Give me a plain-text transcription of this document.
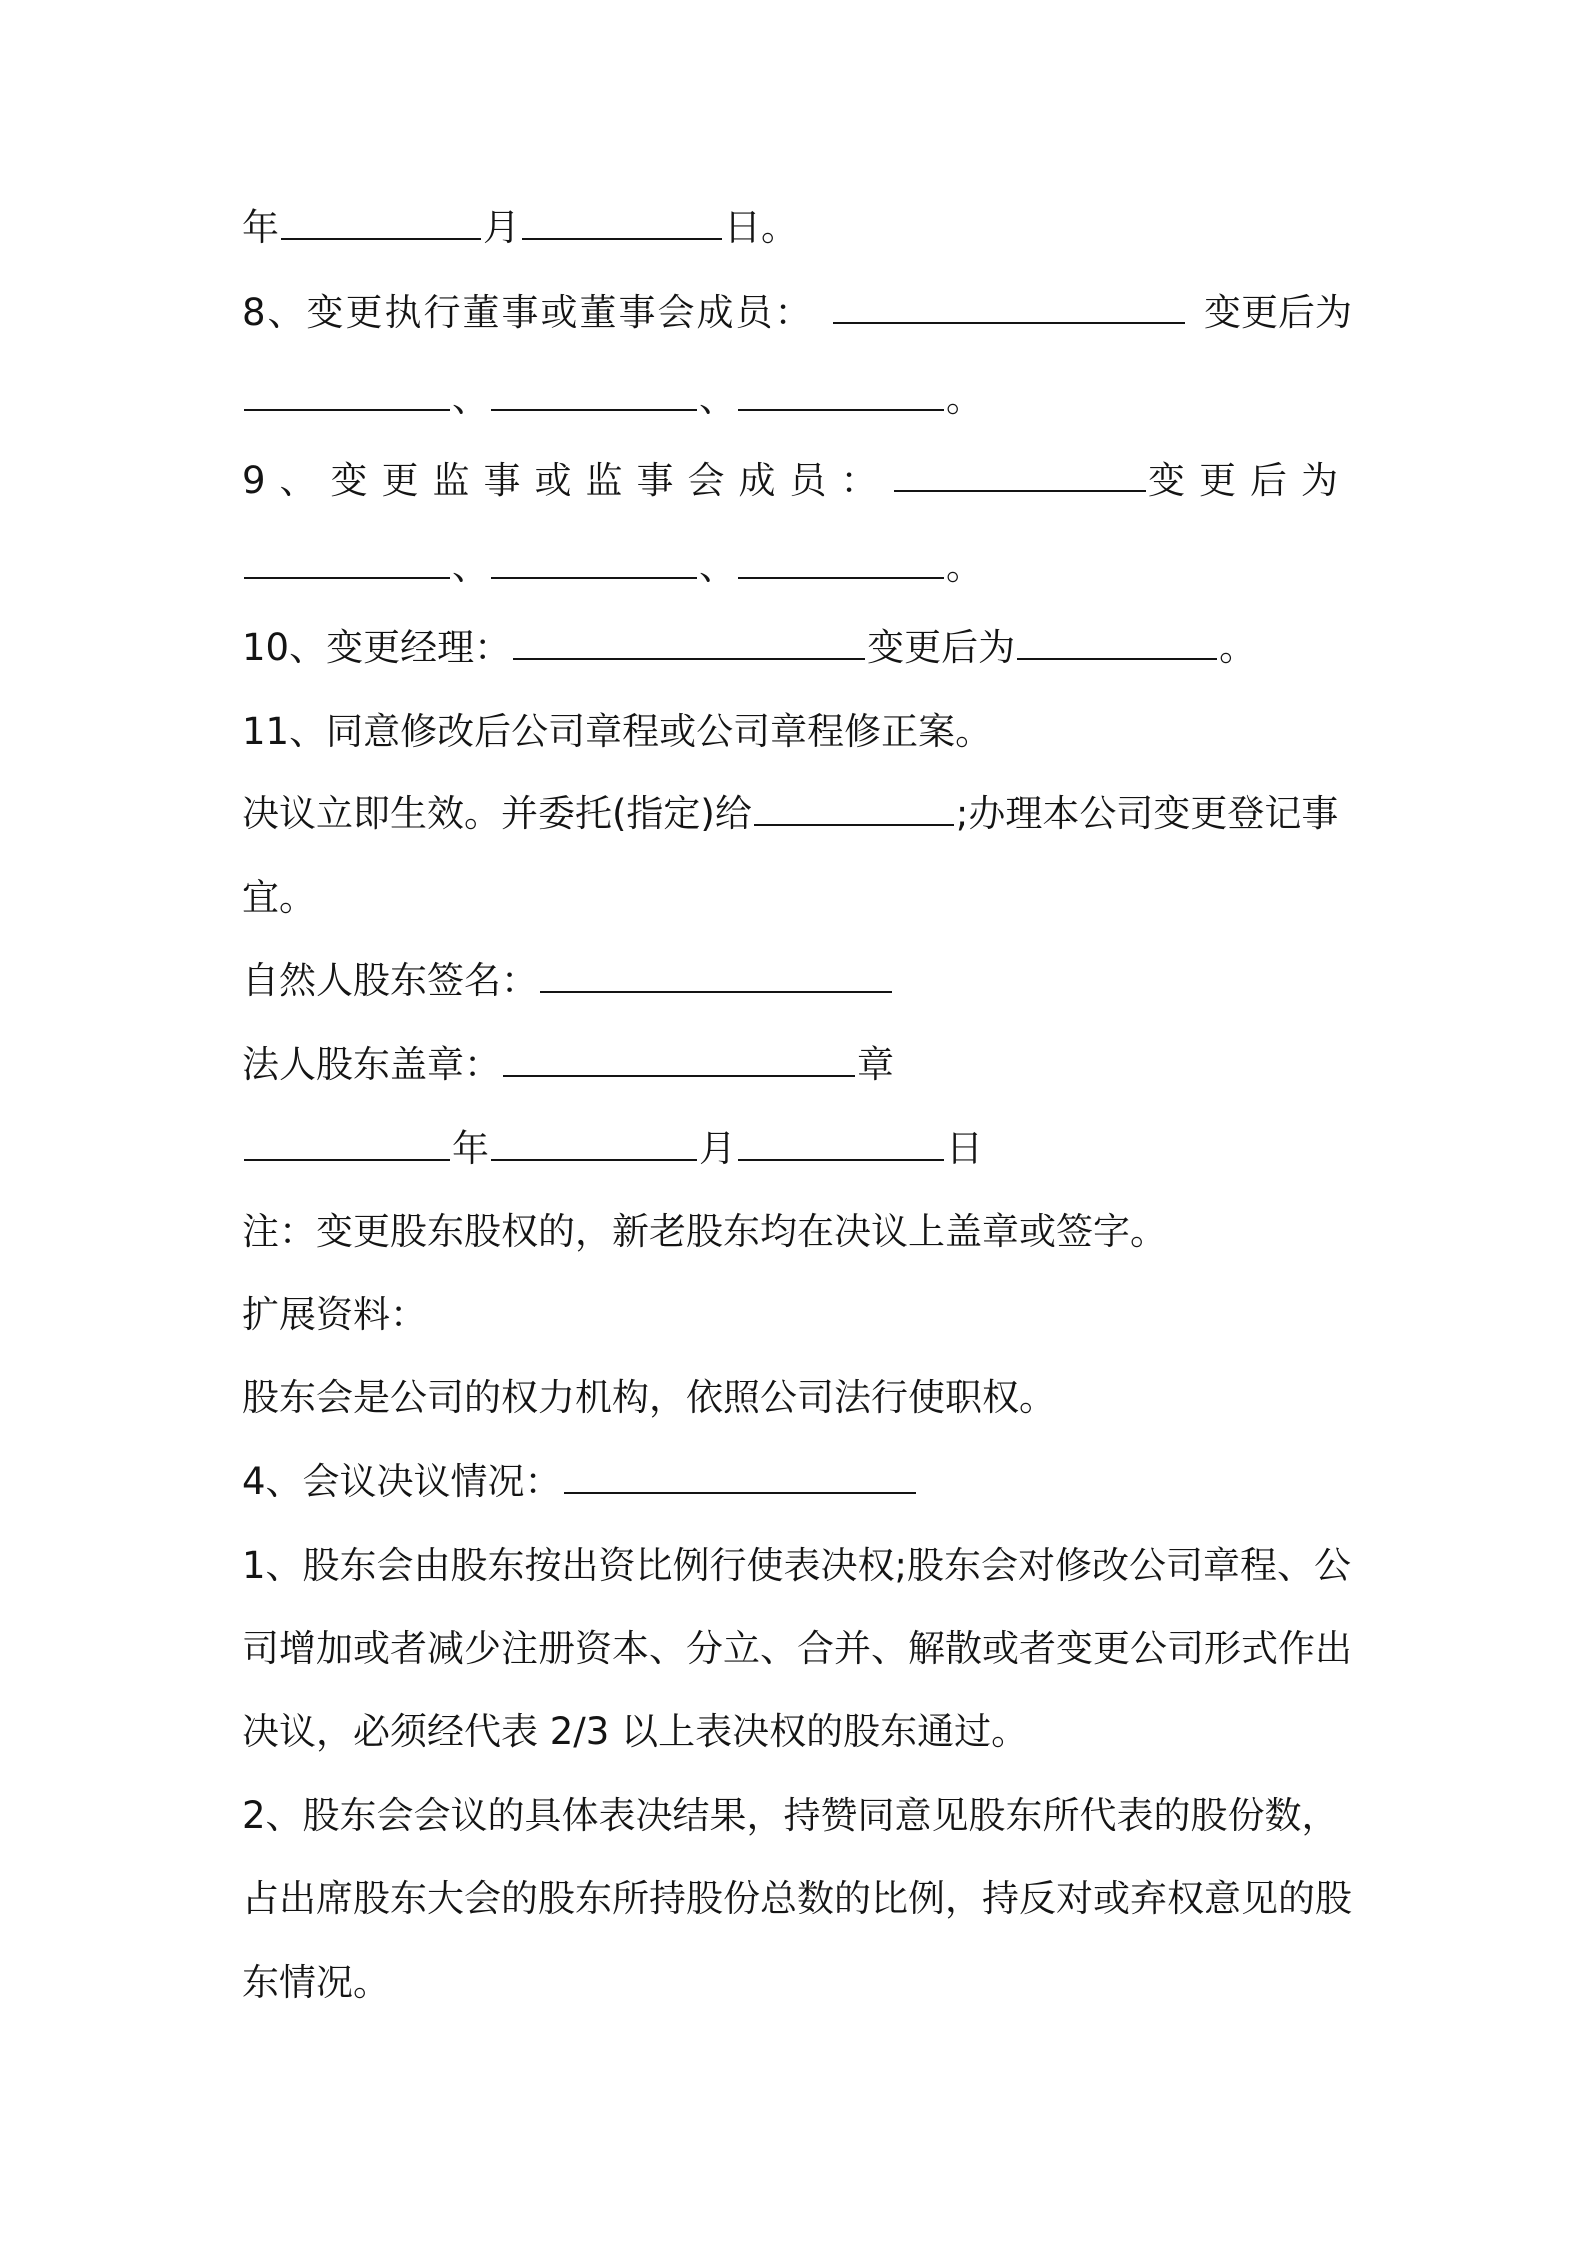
年	月	日。
8、变更执行董事或董事会成员：	变更后为
、	、	。
9、变更监事或监事会成员：	变更后为
、	、	。
10、变更经理：	变更后为	。
11、同意修改后公司章程或公司章程修正案。
决议立即生效。并委托(指定)给	;办理本公司变更登记事
宜。
自然人股东签名：
法人股东盖章：	章
年	月	日
注：变更股东股权的，新老股东均在决议上盖章或签字。
扩展资料：
股东会是公司的权力机构，依照公司法行使职权。
4、会议决议情况：
1、股东会由股东按出资比例行使表决权;股东会对修改公司章程、公
司增加或者减少注册资本、分立、合并、解散或者变更公司形式作出
决议，必须经代表 2/3 以上表决权的股东通过。
2、股东会会议的具体表决结果，持赞同意见股东所代表的股份数，
占出席股东大会的股东所持股份总数的比例，持反对或弃权意见的股
东情况。
